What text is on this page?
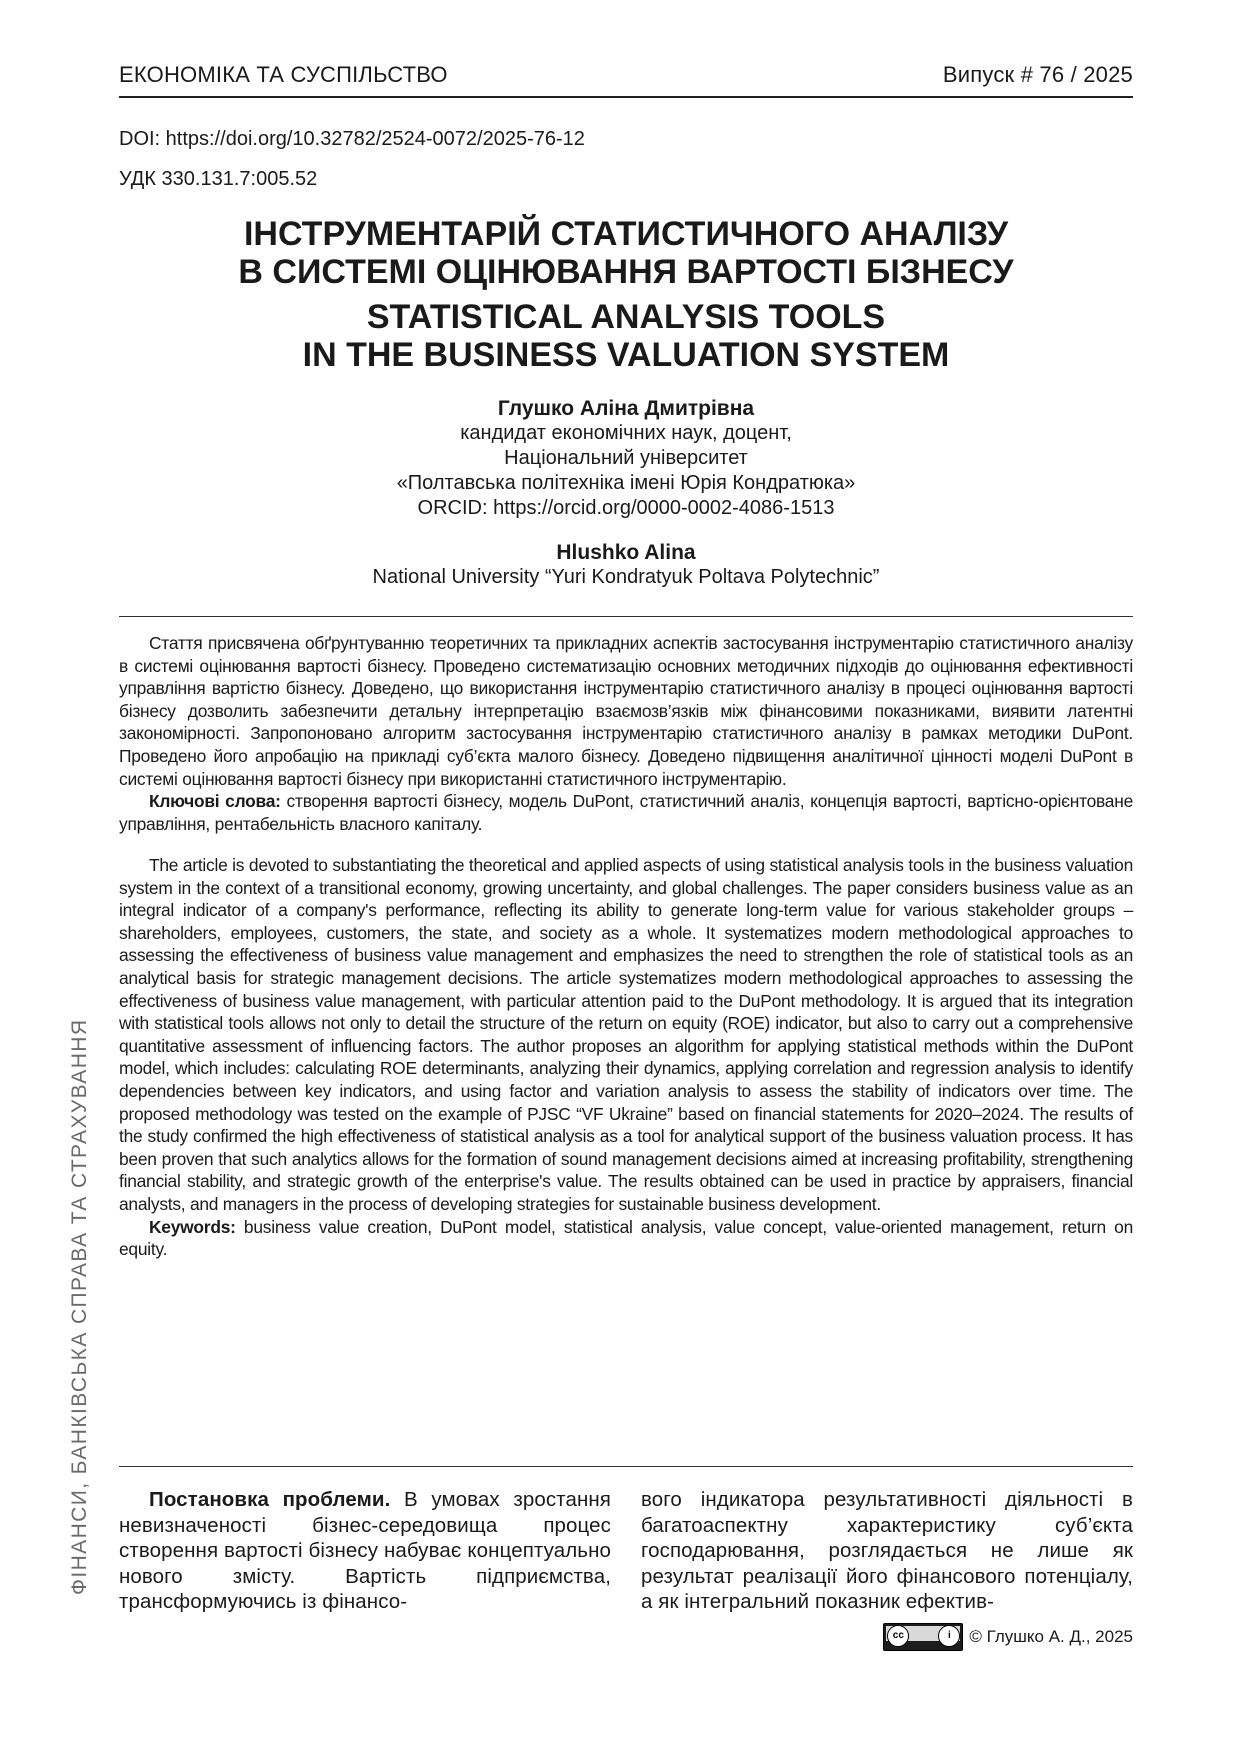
ЕКОНОМІКА ТА СУСПІЛЬСТВО	Випуск # 76 / 2025
DOI: https://doi.org/10.32782/2524-0072/2025-76-12
УДК 330.131.7:005.52
ІНСТРУМЕНТАРІЙ СТАТИСТИЧНОГО АНАЛІЗУ
В СИСТЕМІ ОЦІНЮВАННЯ ВАРТОСТІ БІЗНЕСУ
STATISTICAL ANALYSIS TOOLS
IN THE BUSINESS VALUATION SYSTEM
Глушко Аліна Дмитрівна
кандидат економічних наук, доцент,
Національний університет
«Полтавська політехніка імені Юрія Кондратюка»
ORCID: https://orcid.org/0000-0002-4086-1513
Hlushko Alina
National University “Yuri Kondratyuk Poltava Polytechnic”

Стаття присвячена обґрунтуванню теоретичних та прикладних аспектів застосування інструментарію статистичного аналізу в системі оцінювання вартості бізнесу. Проведено систематизацію основних методичних підходів до оцінювання ефективності управління вартістю бізнесу. Доведено, що використання інструментарію статистичного аналізу в процесі оцінювання вартості бізнесу дозволить забезпечити детальну інтерпретацію взаємозв’язків між фінансовими показниками, виявити латентні закономірності. Запропоновано алгоритм застосування інструментарію статистичного аналізу в рамках методики DuPont. Проведено його апробацію на прикладі суб’єкта малого бізнесу. Доведено підвищення аналітичної цінності моделі DuPont в системі оцінювання вартості бізнесу при використанні статистичного інструментарію.

Ключові слова: створення вартості бізнесу, модель DuPont, статистичний аналіз, концепція вартості, вартісно-орієнтоване управління, рентабельність власного капіталу.

The article is devoted to substantiating the theoretical and applied aspects of using statistical analysis tools in the business valuation system in the context of a transitional economy, growing uncertainty, and global challenges. The paper considers business value as an integral indicator of a company's performance, reflecting its ability to generate long-term value for various stakeholder groups – shareholders, employees, customers, the state, and society as a whole. It systematizes modern methodological approaches to assessing the effectiveness of business value management and emphasizes the need to strengthen the role of statistical tools as an analytical basis for strategic management decisions. The article systematizes modern methodological approaches to assessing the effectiveness of business value management, with particular attention paid to the DuPont methodology. It is argued that its integration with statistical tools allows not only to detail the structure of the return on equity (ROE) indicator, but also to carry out a comprehensive quantitative assessment of influencing factors. The author proposes an algorithm for applying statistical methods within the DuPont model, which includes: calculating ROE determinants, analyzing their dynamics, applying correlation and regression analysis to identify dependencies between key indicators, and using factor and variation analysis to assess the stability of indicators over time. The proposed methodology was tested on the example of PJSC “VF Ukraine” based on financial statements for 2020–2024. The results of the study confirmed the high effectiveness of statistical analysis as a tool for analytical support of the business valuation process. It has been proven that such analytics allows for the formation of sound management decisions aimed at increasing profitability, strengthening financial stability, and strategic growth of the enterprise's value. The results obtained can be used in practice by appraisers, financial analysts, and managers in the process of developing strategies for sustainable business development.

Keywords: business value creation, DuPont model, statistical analysis, value concept, value-oriented management, return on equity.

Постановка проблеми. В умовах зростання невизначеності бізнес-середовища процес створення вартості бізнесу набуває концептуально нового змісту. Вартість підприємства, трансформуючись із фінансо-

вого індикатора результативності діяльності в багатоаспектну характеристику суб’єкта господарювання, розглядається не лише як результат реалізації його фінансового потенціалу, а як інтегральний показник ефектив-

ФІНАНСИ, БАНКІВСЬКА СПРАВА ТА СТРАХУВАННЯ
cc	i	© Глушко А. Д., 2025
